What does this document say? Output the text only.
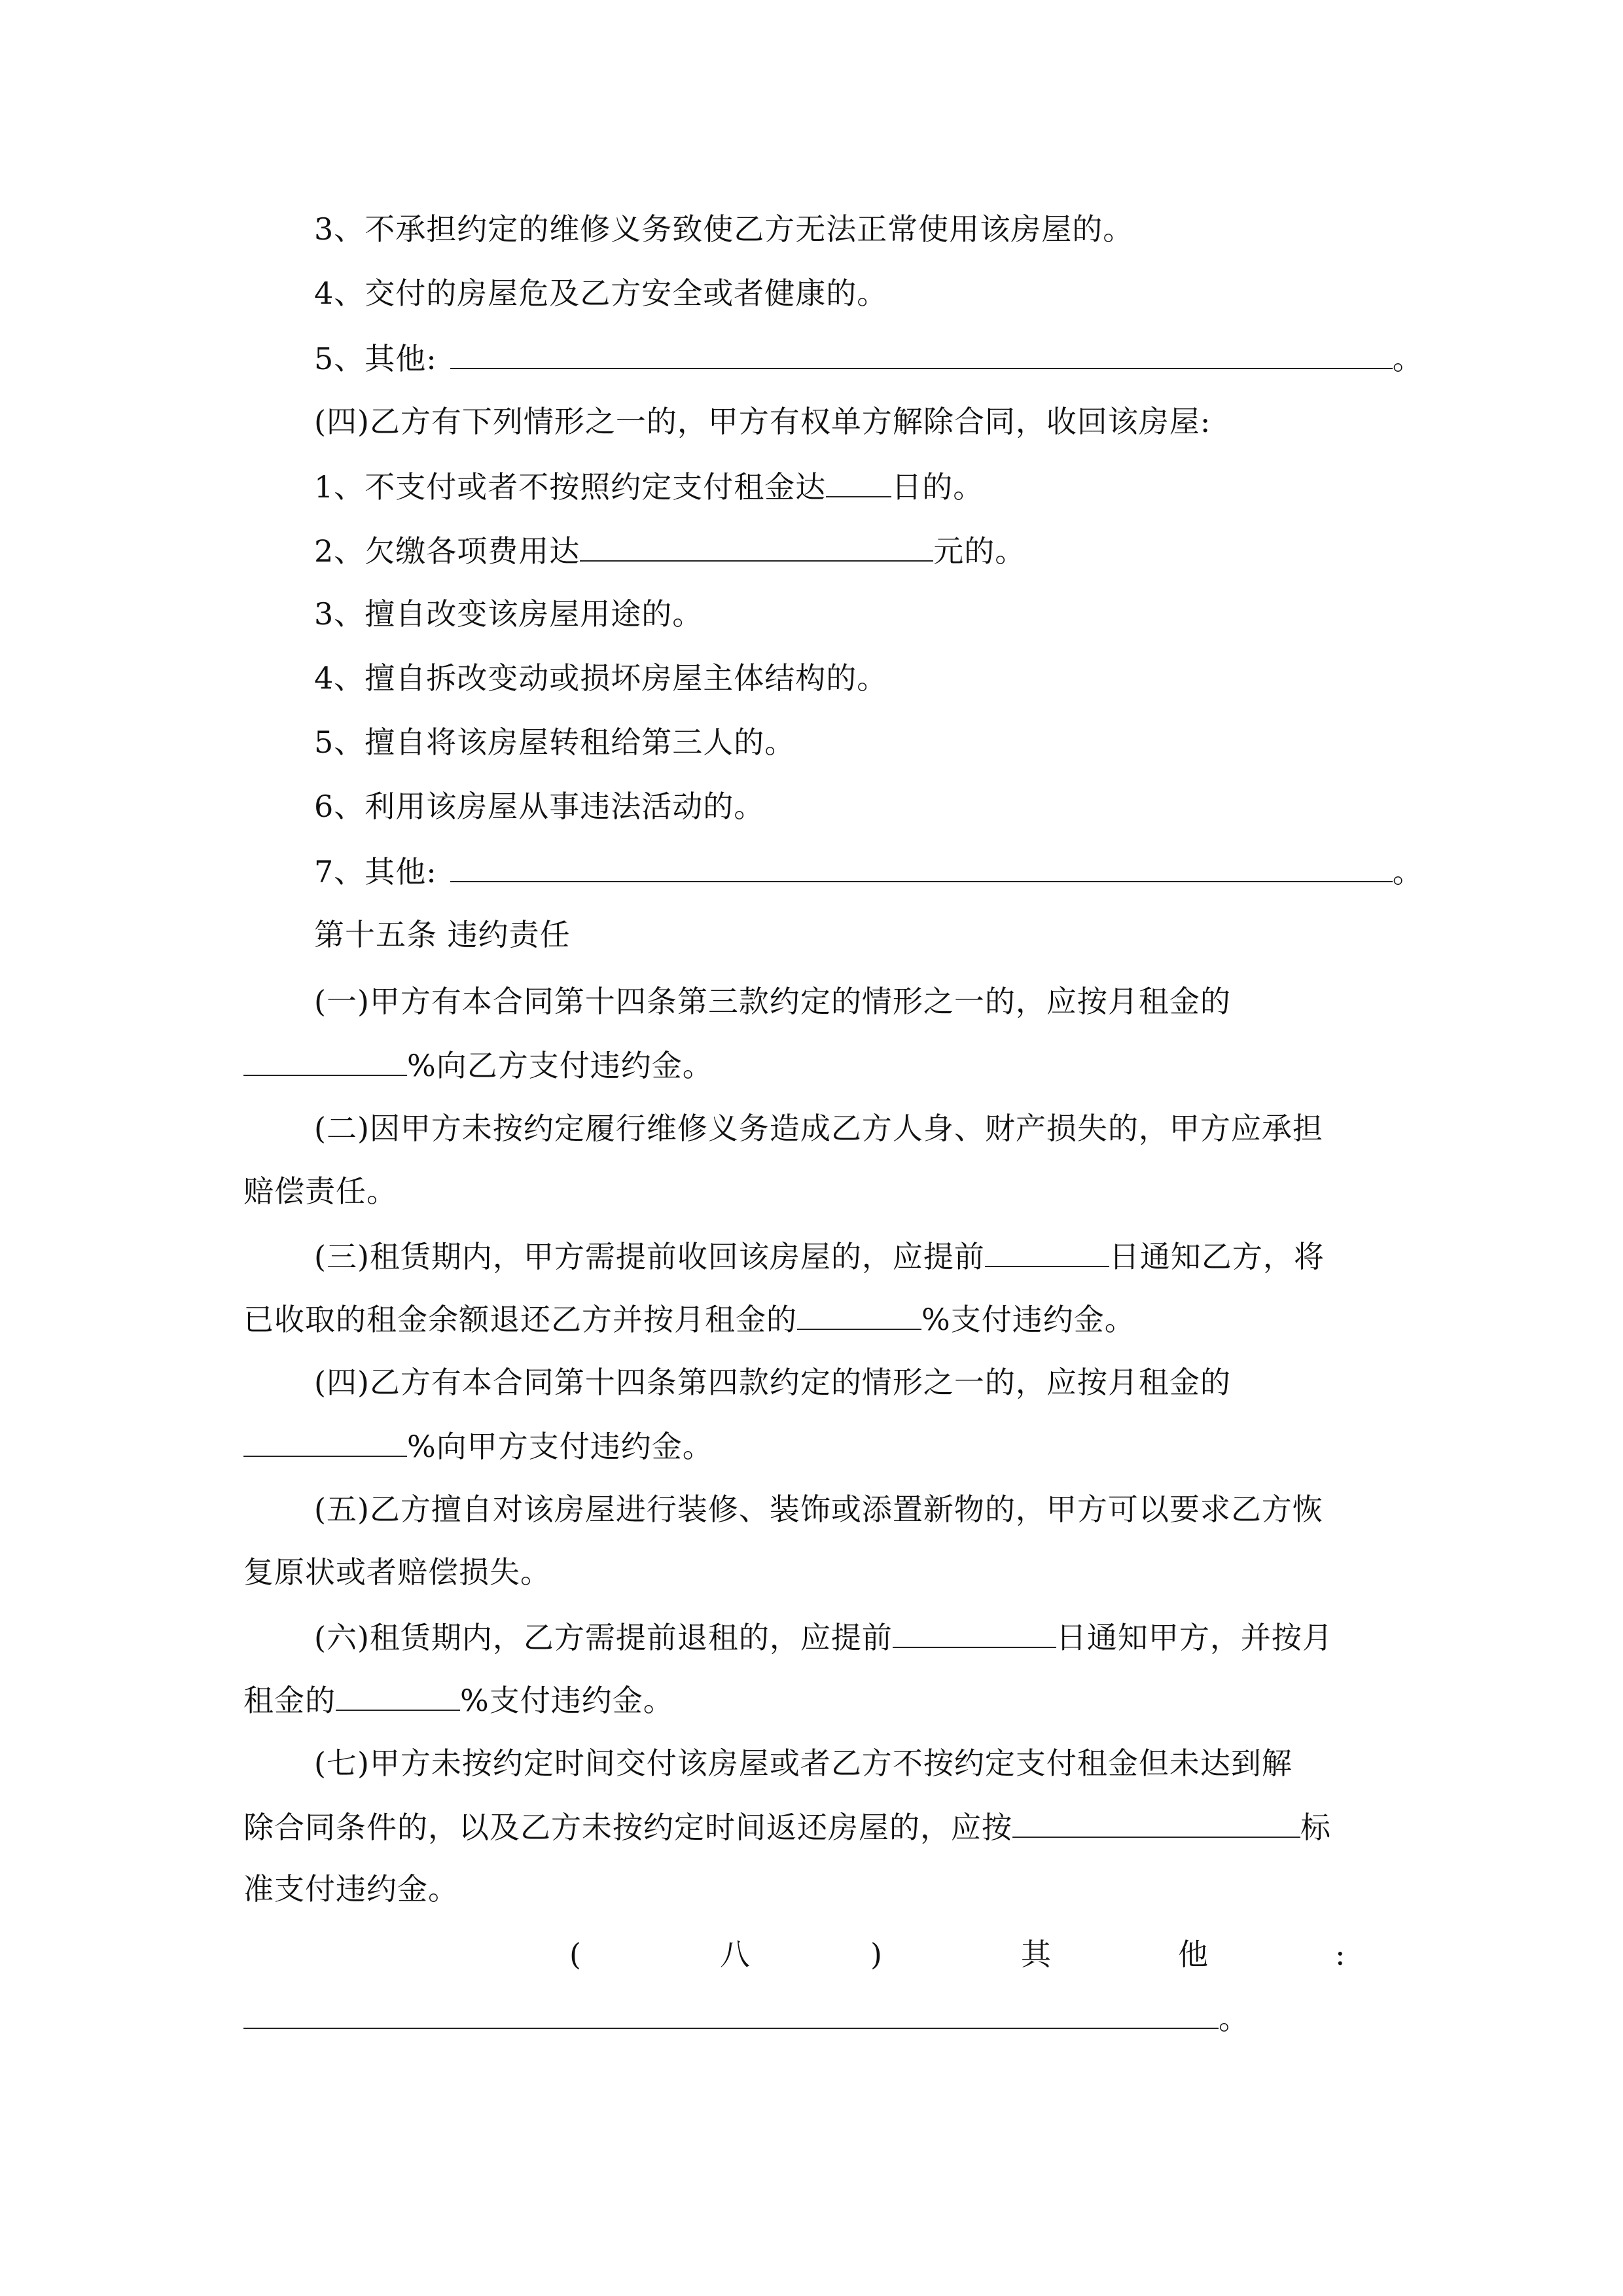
3、不承担约定的维修义务致使乙方无法正常使用该房屋的。
4、交付的房屋危及乙方安全或者健康的。
5、其他:	。
(四)乙方有下列情形之一的，甲方有权单方解除合同，收回该房屋:
1、不支付或者不按照约定支付租金达 日的。
2、欠缴各项费用达	元的。
3、擅自改变该房屋用途的。
4、擅自拆改变动或损坏房屋主体结构的。
5、擅自将该房屋转租给第三人的。
6、利用该房屋从事违法活动的。
7、其他:	。
第十五条 违约责任
(一)甲方有本合同第十四条第三款约定的情形之一的，应按月租金的
%向乙方支付违约金。
(二)因甲方未按约定履行维修义务造成乙方人身、财产损失的，甲方应承担
赔偿责任。
(三)租赁期内，甲方需提前收回该房屋的，应提前	日通知乙方，将
已收取的租金余额退还乙方并按月租金的	%支付违约金。
(四)乙方有本合同第十四条第四款约定的情形之一的，应按月租金的
%向甲方支付违约金。
(五)乙方擅自对该房屋进行装修、装饰或添置新物的，甲方可以要求乙方恢
复原状或者赔偿损失。
(六)租赁期内，乙方需提前退租的，应提前	日通知甲方，并按月
租金的	%支付违约金。
(七)甲方未按约定时间交付该房屋或者乙方不按约定支付租金但未达到解
除合同条件的，以及乙方未按约定时间返还房屋的，应按	标
准支付违约金。
(	八	)	其	他	:
。
